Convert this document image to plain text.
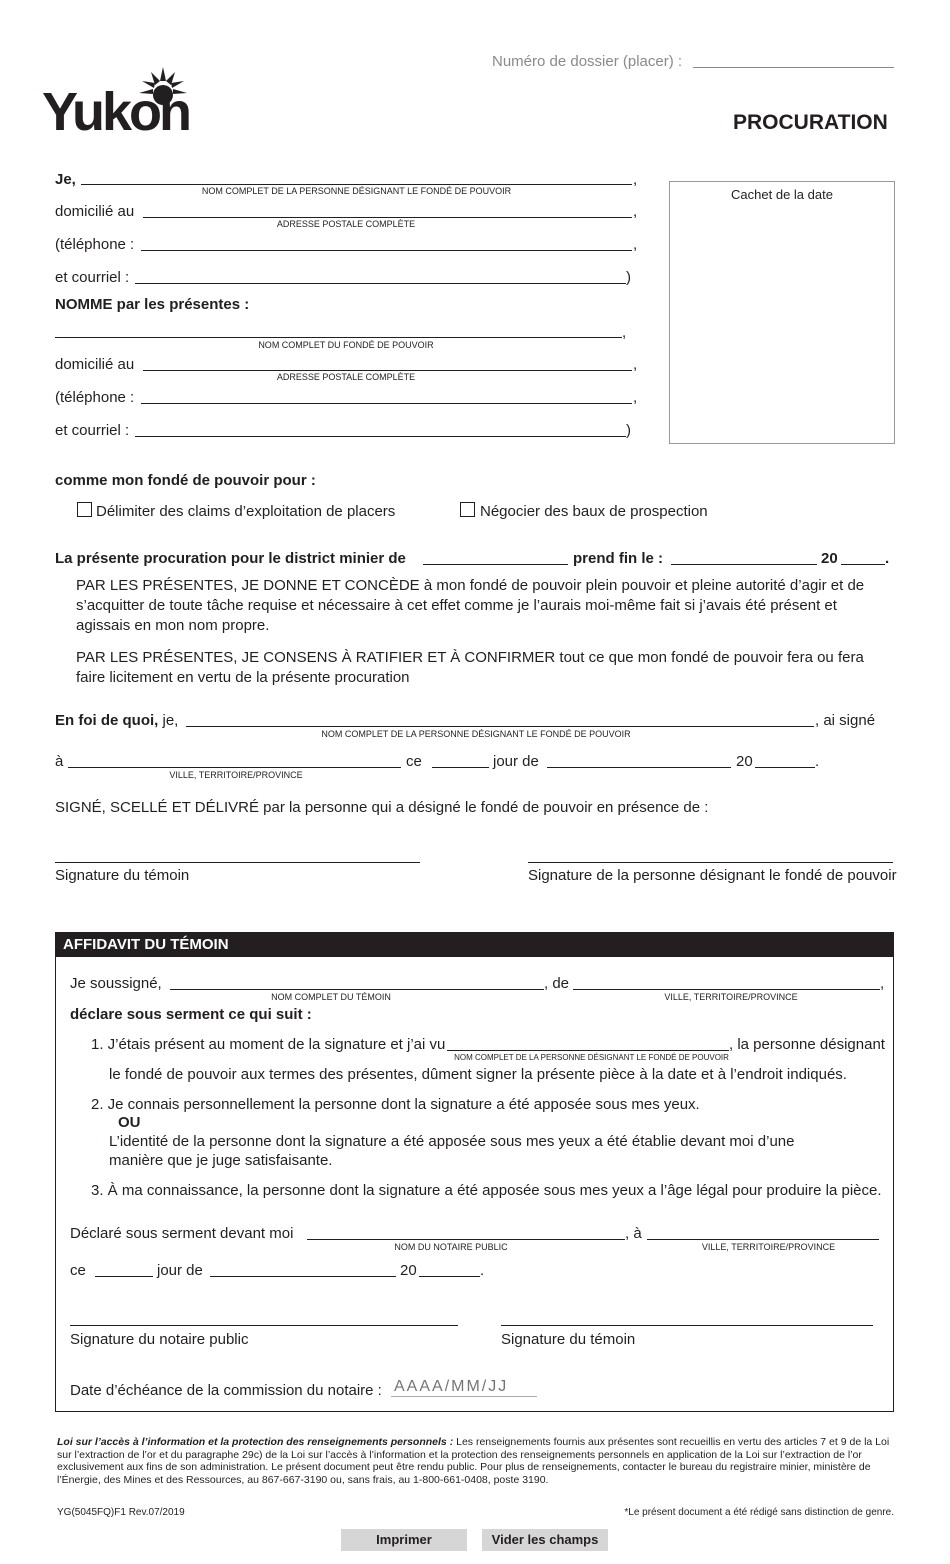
Numéro de dossier (placer) :
Yukon	PROCURATION
Cachet de la date
Je,	,
NOM COMPLET DE LA PERSONNE DÉSIGNANT LE FONDÉ DE POUVOIR
domicilié au	,
ADRESSE POSTALE COMPLÈTE
(téléphone :	,
et courriel :	)
NOMME par les présentes :
,
NOM COMPLET DU FONDÉ DE POUVOIR
domicilié au	,
ADRESSE POSTALE COMPLÈTE
(téléphone :	,
et courriel :	)
comme mon fondé de pouvoir pour :
Délimiter des claims d’exploitation de placers	Négocier des baux de prospection
La présente procuration pour le district minier de	prend fin le :	20	.
PAR LES PRÉSENTES, JE DONNE ET CONCÈDE à mon fondé de pouvoir plein pouvoir et pleine autorité d’agir et de s’acquitter de toute tâche requise et nécessaire à cet effet comme je l’aurais moi-même fait si j’avais été présent et agissais en mon nom propre.
PAR LES PRÉSENTES, JE CONSENS À RATIFIER ET À CONFIRMER tout ce que mon fondé de pouvoir fera ou fera faire licitement en vertu de la présente procuration
En foi de quoi, je,	, ai signé
NOM COMPLET DE LA PERSONNE DÉSIGNANT LE FONDÉ DE POUVOIR
à
VILLE, TERRITOIRE/PROVINCE
ce	jour de	20	.
SIGNÉ, SCELLÉ ET DÉLIVRÉ par la personne qui a désigné le fondé de pouvoir en présence de :
Signature du témoin	Signature de la personne désignant le fondé de pouvoir
AFFIDAVIT DU TÉMOIN
Je soussigné,
NOM COMPLET DU TÉMOIN
, de	,
VILLE, TERRITOIRE/PROVINCE
déclare sous serment ce qui suit :
1. J’étais présent au moment de la signature et j’ai vu
NOM COMPLET DE LA PERSONNE DÉSIGNANT LE FONDÉ DE POUVOIR
, la personne désignant
le fondé de pouvoir aux termes des présentes, dûment signer la présente pièce à la date et à l’endroit indiqués.
2. Je connais personnellement la personne dont la signature a été apposée sous mes yeux.
OU
L’identité de la personne dont la signature a été apposée sous mes yeux a été établie devant moi d’une manière que je juge satisfaisante.
3. À ma connaissance, la personne dont la signature a été apposée sous mes yeux a l’âge légal pour produire la pièce.
Déclaré sous serment devant moi
NOM DU NOTAIRE PUBLIC
, à
VILLE, TERRITOIRE/PROVINCE
ce	jour de	20	.
Signature du notaire public	Signature du témoin
Date d’échéance de la commission du notaire :
AAAA/MM/JJ
Loi sur l’accès à l’information et la protection des renseignements personnels : Les renseignements fournis aux présentes sont recueillis en vertu des articles 7 et 9 de la Loi sur l’extraction de l’or et du paragraphe 29c) de la Loi sur l’accès à l’information et la protection des renseignements personnels en application de la Loi sur l’extraction de l’or exclusivement aux fins de son administration. Le présent document peut être rendu public. Pour plus de renseignements, contacter le bureau du registraire minier, ministère de l’Énergie, des Mines et des Ressources, au 867-667-3190 ou, sans frais, au 1-800-661-0408, poste 3190.
YG(5045FQ)F1 Rev.07/2019	*Le présent document a été rédigé sans distinction de genre.
Imprimer	Vider les champs
